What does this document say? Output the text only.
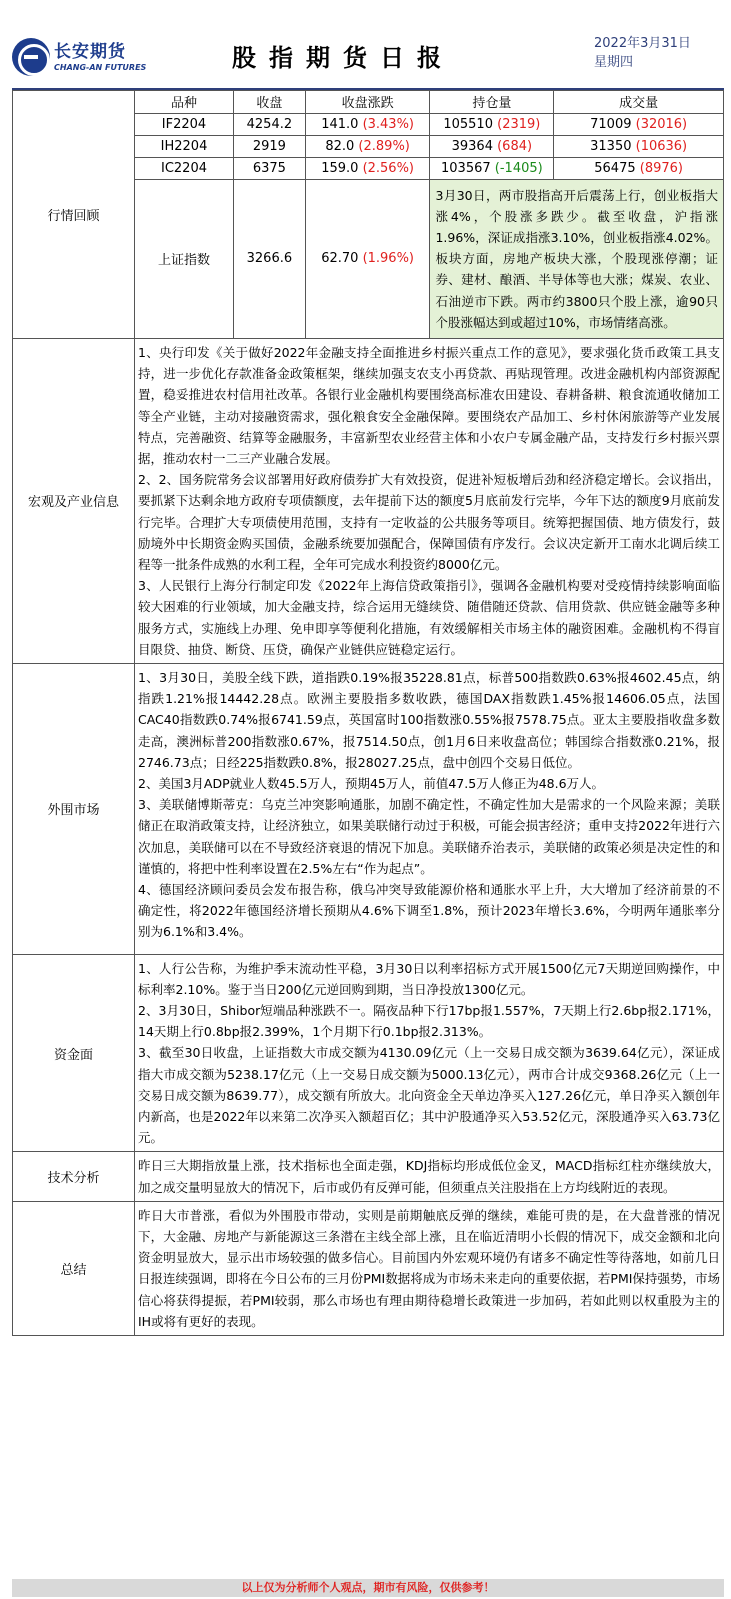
长安期货
CHANG-AN FUTURES	股指期货日报
2022年3月31日
星期四
行情回顾
品种	收盘	收盘涨跌	持仓量	成交量
IF2204	4254.2	141.0 (3.43%)	105510 (2319)	71009 (32016)
IH2204	2919	82.0 (2.89%)	39364 (684)	31350 (10636)
IC2204	6375	159.0 (2.56%)	103567 (-1405)	56475 (8976)
上证指数	3266.6	62.70 (1.96%)	3月30日，两市股指高开后震荡上行，创业板指大涨4%，个股涨多跌少。截至收盘，沪指涨1.96%，深证成指涨3.10%，创业板指涨4.02%。板块方面，房地产板块大涨，个股现涨停潮；证券、建材、酿酒、半导体等也大涨；煤炭、农业、石油逆市下跌。两市约3800只个股上涨，逾90只个股涨幅达到或超过10%，市场情绪高涨。	
宏观及产业信息

1、央行印发《关于做好2022年金融支持全面推进乡村振兴重点工作的意见》，要求强化货币政策工具支持，进一步优化存款准备金政策框架，继续加强支农支小再贷款、再贴现管理。改进金融机构内部资源配置，稳妥推进农村信用社改革。各银行业金融机构要围绕高标准农田建设、春耕备耕、粮食流通收储加工等全产业链，主动对接融资需求，强化粮食安全金融保障。要围绕农产品加工、乡村休闲旅游等产业发展特点，完善融资、结算等金融服务，丰富新型农业经营主体和小农户专属金融产品，支持发行乡村振兴票据，推动农村一二三产业融合发展。

2、2、国务院常务会议部署用好政府债券扩大有效投资，促进补短板增后劲和经济稳定增长。会议指出，要抓紧下达剩余地方政府专项债额度，去年提前下达的额度5月底前发行完毕，今年下达的额度9月底前发行完毕。合理扩大专项债使用范围，支持有一定收益的公共服务等项目。统筹把握国债、地方债发行，鼓励境外中长期资金购买国债，金融系统要加强配合，保障国债有序发行。会议决定新开工南水北调后续工程等一批条件成熟的水利工程，全年可完成水利投资约8000亿元。

3、人民银行上海分行制定印发《2022年上海信贷政策指引》，强调各金融机构要对受疫情持续影响面临较大困难的行业领域，加大金融支持，综合运用无缝续贷、随借随还贷款、信用贷款、供应链金融等多种服务方式，实施线上办理、免申即享等便利化措施，有效缓解相关市场主体的融资困难。金融机构不得盲目限贷、抽贷、断贷、压贷，确保产业链供应链稳定运行。

外围市场

1、3月30日，美股全线下跌，道指跌0.19%报35228.81点，标普500指数跌0.63%报4602.45点，纳指跌1.21%报14442.28点。欧洲主要股指多数收跌，德国DAX指数跌1.45%报14606.05点，法国CAC40指数跌0.74%报6741.59点，英国富时100指数涨0.55%报7578.75点。亚太主要股指收盘多数走高，澳洲标普200指数涨0.67%，报7514.50点，创1月6日来收盘高位；韩国综合指数涨0.21%，报2746.73点；日经225指数跌0.8%，报28027.25点，盘中创四个交易日低位。

2、美国3月ADP就业人数45.5万人，预期45万人，前值47.5万人修正为48.6万人。

3、美联储博斯蒂克：乌克兰冲突影响通胀，加剧不确定性，不确定性加大是需求的一个风险来源；美联储正在取消政策支持，让经济独立，如果美联储行动过于积极，可能会损害经济；重申支持2022年进行六次加息，美联储可以在不导致经济衰退的情况下加息。美联储乔治表示，美联储的政策必须是决定性的和谨慎的，将把中性利率设置在2.5%左右“作为起点”。

4、德国经济顾问委员会发布报告称，俄乌冲突导致能源价格和通胀水平上升，大大增加了经济前景的不确定性，将2022年德国经济增长预期从4.6%下调至1.8%，预计2023年增长3.6%，今明两年通胀率分别为6.1%和3.4%。

资金面

1、人行公告称，为维护季末流动性平稳，3月30日以利率招标方式开展1500亿元7天期逆回购操作，中标利率2.10%。鉴于当日200亿元逆回购到期，当日净投放1300亿元。

2、3月30日，Shibor短端品种涨跌不一。隔夜品种下行17bp报1.557%，7天期上行2.6bp报2.171%，14天期上行0.8bp报2.399%，1个月期下行0.1bp报2.313%。

3、截至30日收盘，上证指数大市成交额为4130.09亿元（上一交易日成交额为3639.64亿元），深证成指大市成交额为5238.17亿元（上一交易日成交额为5000.13亿元），两市合计成交9368.26亿元（上一交易日成交额为8639.77），成交额有所放大。北向资金全天单边净买入127.26亿元，单日净买入额创年内新高，也是2022年以来第二次净买入额超百亿；其中沪股通净买入53.52亿元，深股通净买入63.73亿元。

技术分析

昨日三大期指放量上涨，技术指标也全面走强，KDJ指标均形成低位金叉，MACD指标红柱亦继续放大，加之成交量明显放大的情况下，后市或仍有反弹可能，但须重点关注股指在上方均线附近的表现。

总结

昨日大市普涨，看似为外围股市带动，实则是前期触底反弹的继续，难能可贵的是，在大盘普涨的情况下，大金融、房地产与新能源这三条潜在主线全部上涨，且在临近清明小长假的情况下，成交金额和北向资金明显放大，显示出市场较强的做多信心。目前国内外宏观环境仍有诸多不确定性等待落地，如前几日日报连续强调，即将在今日公布的三月份PMI数据将成为市场未来走向的重要依据，若PMI保持强势，市场信心将获得提振，若PMI较弱，那么市场也有理由期待稳增长政策进一步加码，若如此则以权重股为主的IH或将有更好的表现。

以上仅为分析师个人观点，期市有风险，仅供参考！
